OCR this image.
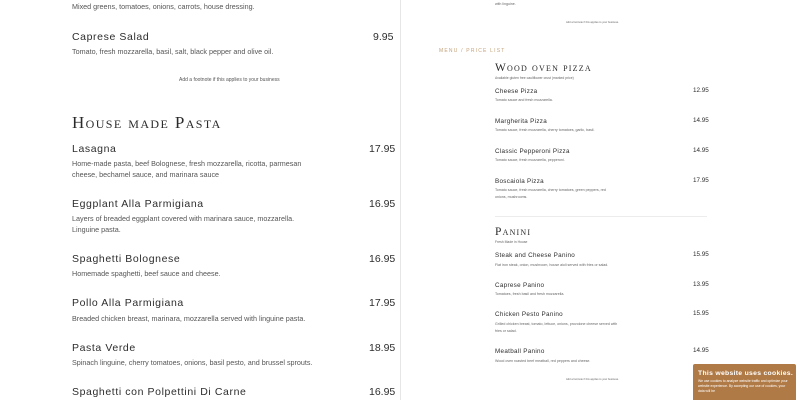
Mixed greens, tomatoes, onions, carrots, house dressing.
Caprese Salad	9.95
Tomato, fresh mozzarella, basil, salt, black pepper and olive oil.
Add a footnote if this applies to your business
House made Pasta
Lasagna	17.95
Home-made pasta, beef Bolognese, fresh mozzarella, ricotta, parmesan
cheese, bechamel sauce, and marinara sauce
Eggplant Alla Parmigiana	16.95
Layers of breaded eggplant covered with marinara sauce, mozzarella.
Linguine pasta.
Spaghetti Bolognese	16.95
Homemade spaghetti, beef sauce and cheese.
Pollo Alla Parmigiana	17.95
Breaded chicken breast, marinara, mozzarella served with linguine pasta.
Pasta Verde	18.95
Spinach linguine, cherry tomatoes, onions, basil pesto, and brussel sprouts.
Spaghetti con Polpettini Di Carne	16.95
with linguine.
Add a footnote if this applies to your business.
MENU / PRICE LIST
Wood oven pizza
Available gluten free cauliflower crust (marked price)
Cheese Pizza	12.95
Tomato sauce and fresh mozzarella.
Margherita Pizza	14.95
Tomato sauce, fresh mozzarella, cherry tomatoes, garlic, basil.
Classic Pepperoni Pizza	14.95
Tomato sauce, fresh mozzarella, pepperoni.
Boscaiola Pizza	17.95
Tomato sauce, fresh mozzarella, cherry tomatoes, green peppers, red
onions, mushrooms.
Panini
Fresh Made in House
Steak and Cheese Panino	15.95
Flat iron steak, onion, mushroom, house aioli served with fries or salad.
Caprese Panino	13.95
Tomatoes, fresh basil and fresh mozzarella.
Chicken Pesto Panino	15.95
Grilled chicken breast, tomato, lettuce, onions, provolone cheese served with
fries or salad.
Meatball Panino	14.95
Wood oven roasted beef meatball, red peppers and cheese.
Add a footnote if this applies to your business.
This website uses cookies.
We use cookies to analyze website traffic and optimize your website experience. By accepting our use of cookies, your data will be
